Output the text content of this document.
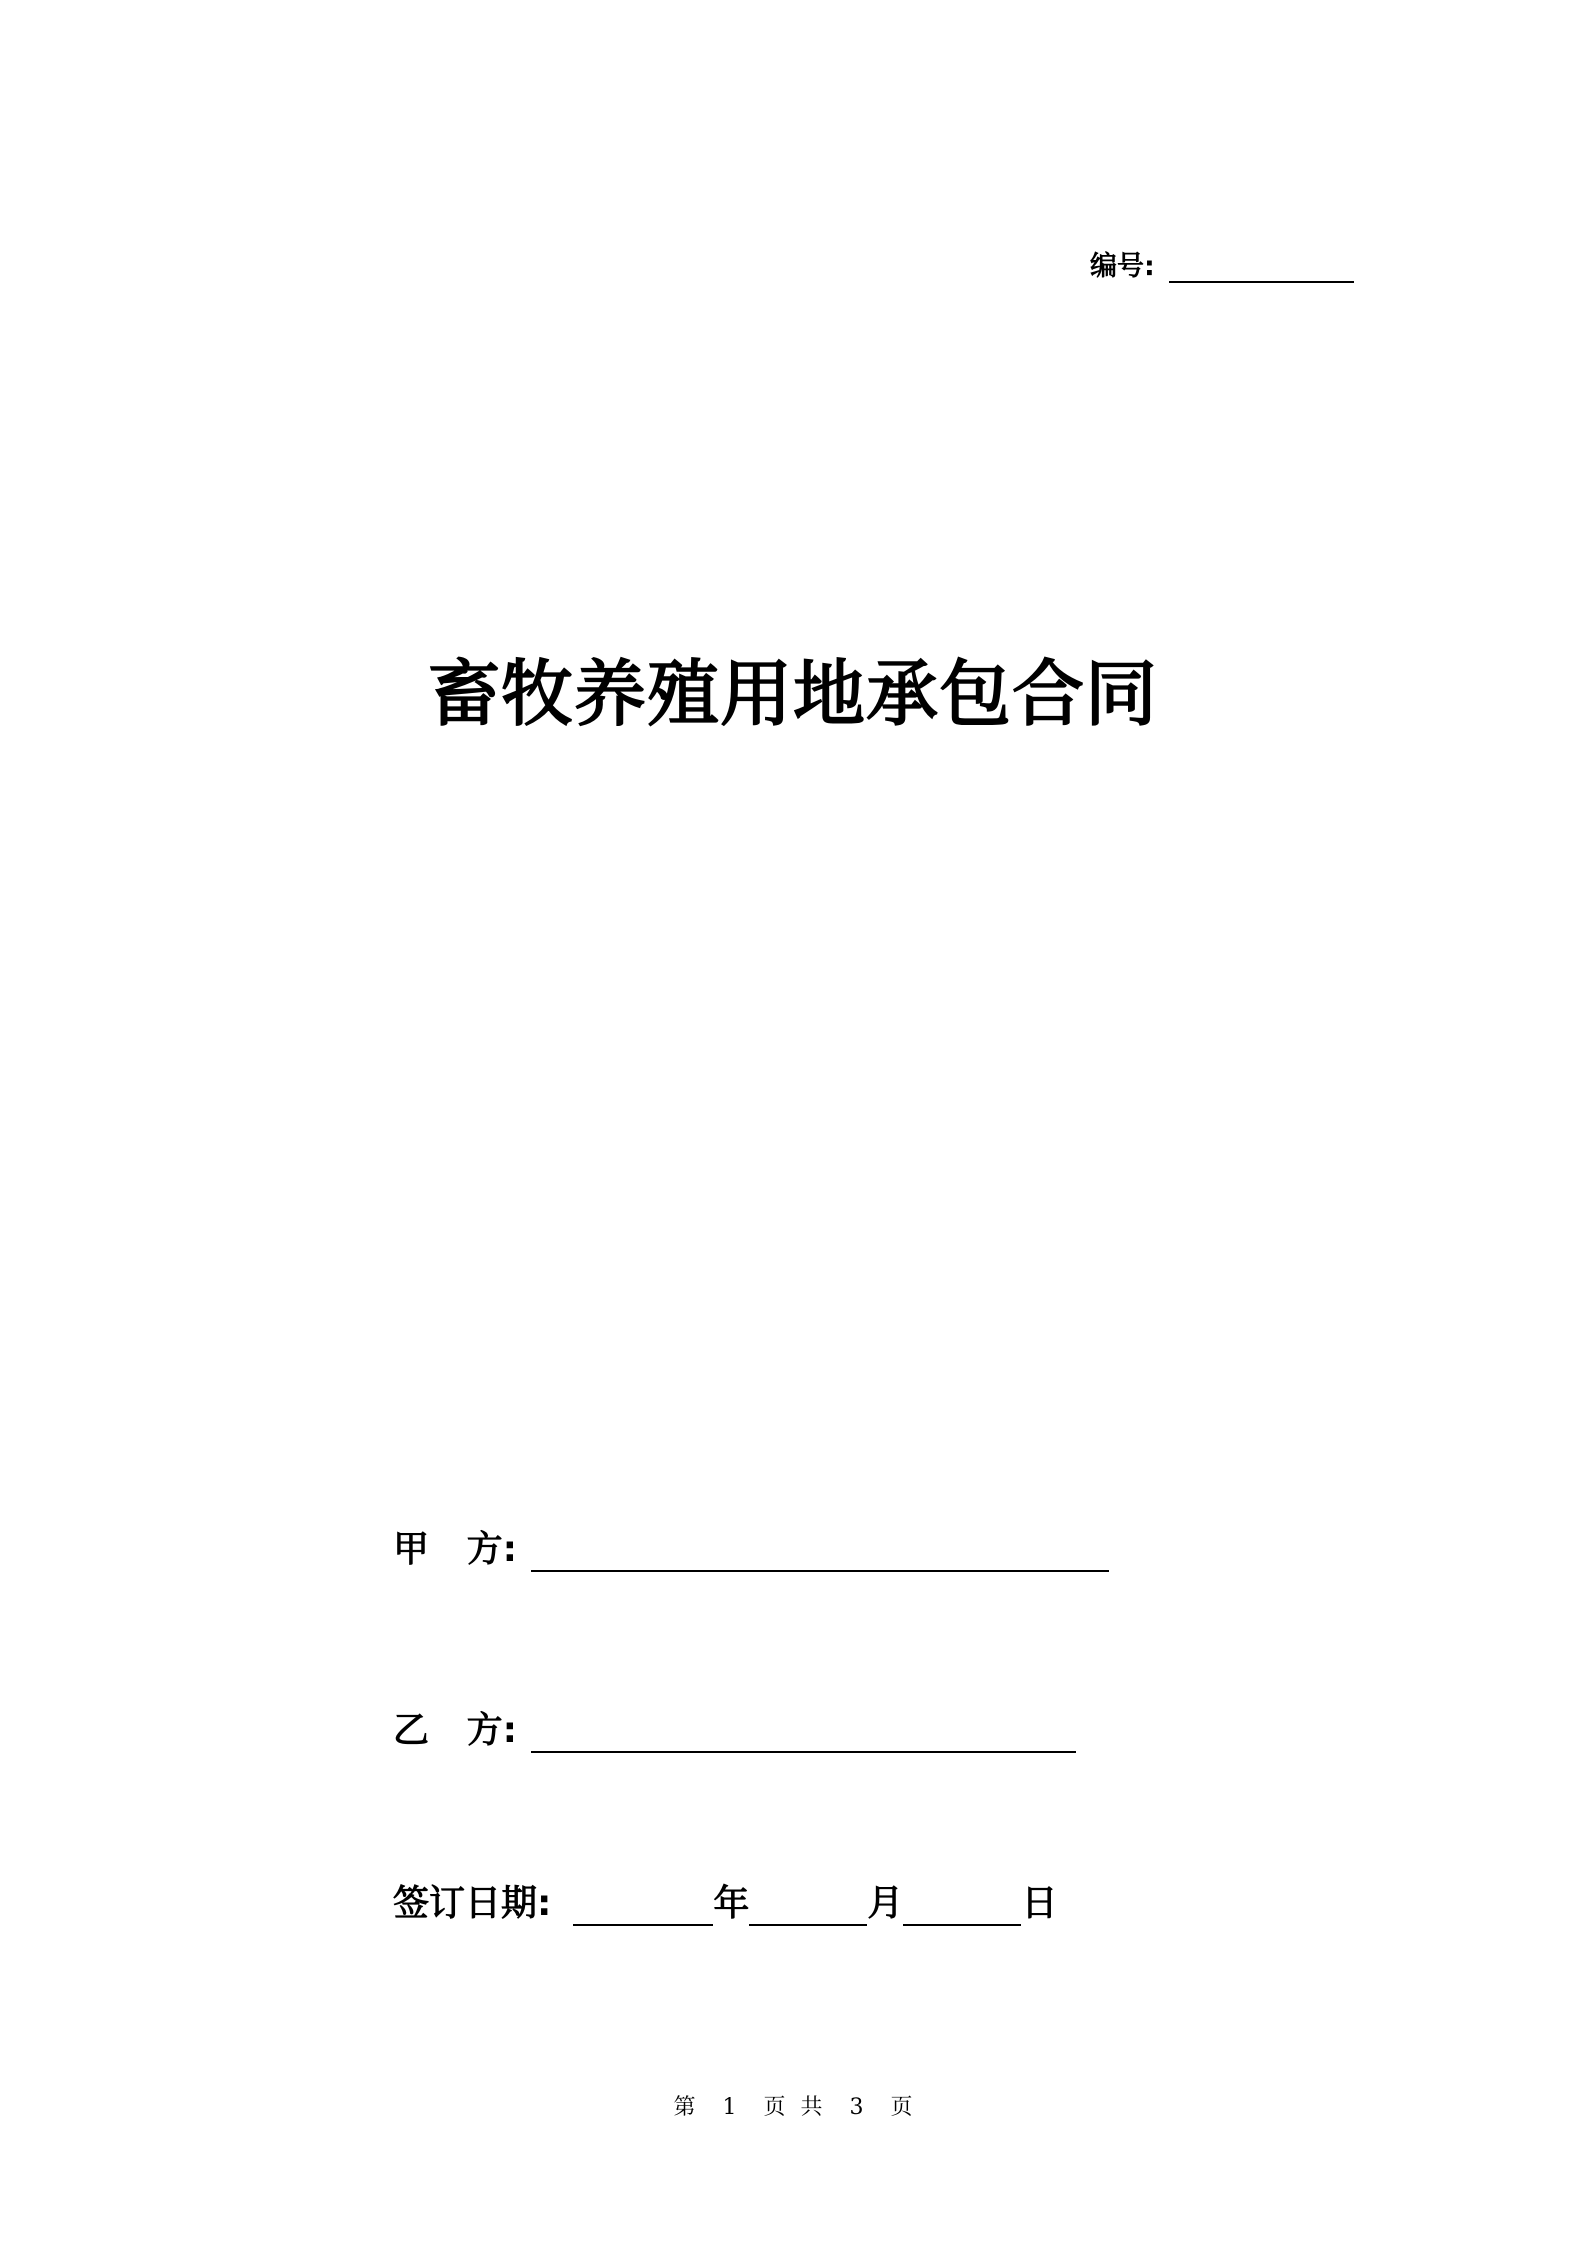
编号:
畜牧养殖用地承包合同
甲   方:
乙   方:
签订日期:	年	月	日
第 1 页 共 3 页
